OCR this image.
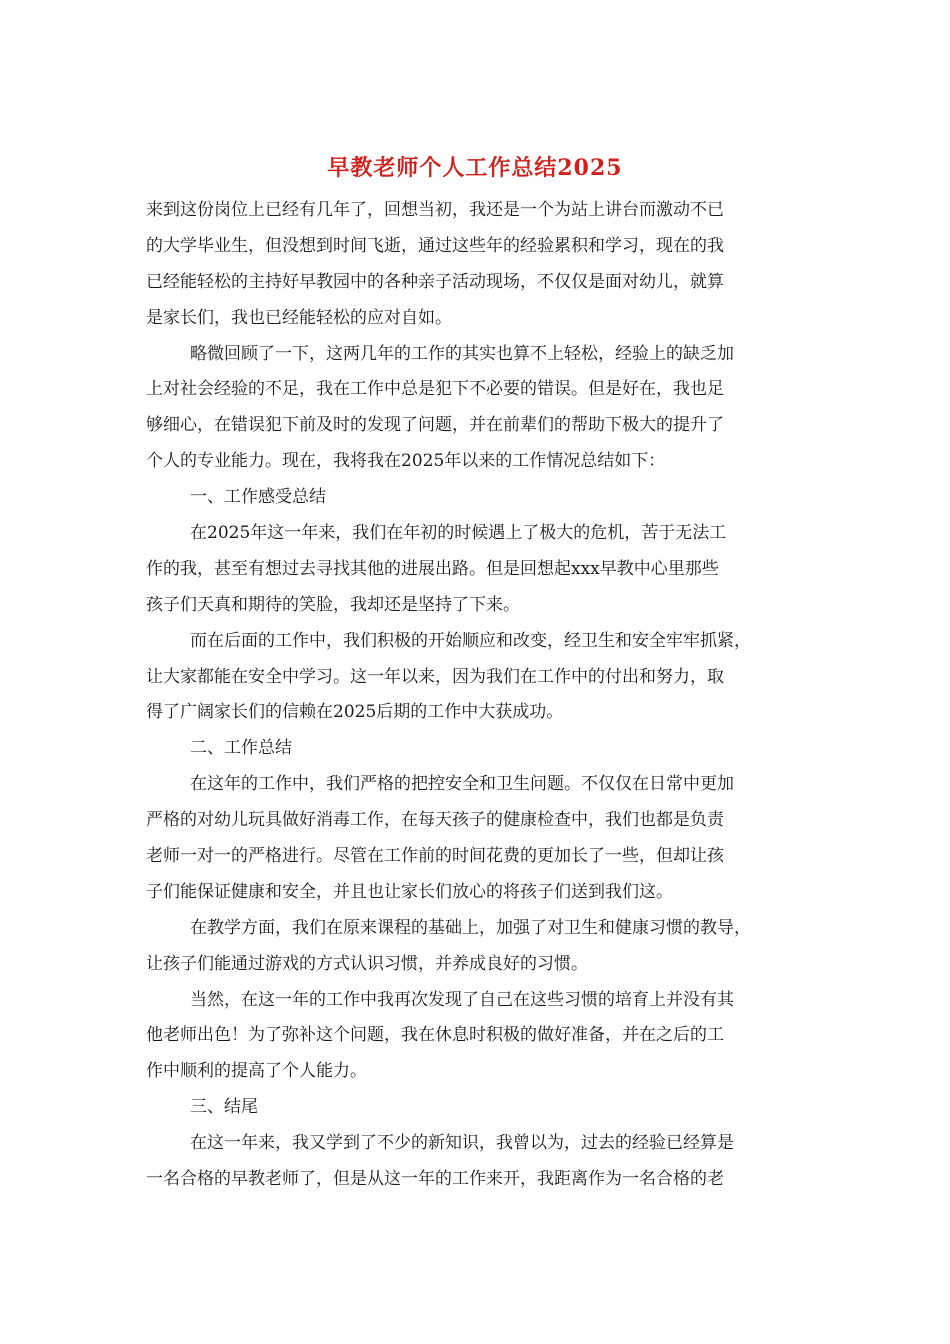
早教老师个人工作总结2025
来到这份岗位上已经有几年了，回想当初，我还是一个为站上讲台而激动不已
的大学毕业生，但没想到时间飞逝，通过这些年的经验累积和学习，现在的我
已经能轻松的主持好早教园中的各种亲子活动现场，不仅仅是面对幼儿，就算
是家长们，我也已经能轻松的应对自如。
略微回顾了一下，这两几年的工作的其实也算不上轻松，经验上的缺乏加
上对社会经验的不足，我在工作中总是犯下不必要的错误。但是好在，我也足
够细心，在错误犯下前及时的发现了问题，并在前辈们的帮助下极大的提升了
个人的专业能力。现在，我将我在2025年以来的工作情况总结如下：
一、工作感受总结
在2025年这一年来，我们在年初的时候遇上了极大的危机，苦于无法工
作的我，甚至有想过去寻找其他的进展出路。但是回想起xxx早教中心里那些
孩子们天真和期待的笑脸，我却还是坚持了下来。
而在后面的工作中，我们积极的开始顺应和改变，经卫生和安全牢牢抓紧，
让大家都能在安全中学习。这一年以来，因为我们在工作中的付出和努力，取
得了广阔家长们的信赖在2025后期的工作中大获成功。
二、工作总结
在这年的工作中，我们严格的把控安全和卫生问题。不仅仅在日常中更加
严格的对幼儿玩具做好消毒工作，在每天孩子的健康检查中，我们也都是负责
老师一对一的严格进行。尽管在工作前的时间花费的更加长了一些，但却让孩
子们能保证健康和安全，并且也让家长们放心的将孩子们送到我们这。
在教学方面，我们在原来课程的基础上，加强了对卫生和健康习惯的教导，
让孩子们能通过游戏的方式认识习惯，并养成良好的习惯。
当然，在这一年的工作中我再次发现了自己在这些习惯的培育上并没有其
他老师出色！为了弥补这个问题，我在休息时积极的做好准备，并在之后的工
作中顺利的提高了个人能力。
三、结尾
在这一年来，我又学到了不少的新知识，我曾以为，过去的经验已经算是
一名合格的早教老师了，但是从这一年的工作来开，我距离作为一名合格的老
